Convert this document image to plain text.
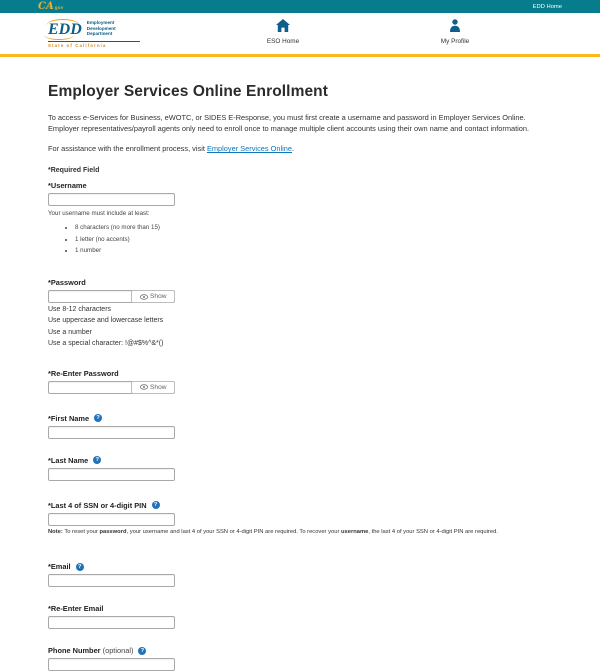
CA gov	EDD Home
EDD	Employment
Development
Department
State of California
ESO Home	My Profile
Employer Services Online Enrollment

To access e-Services for Business, eWOTC, or SIDES E-Response, you must first create a username and password in Employer Services Online. Employer representatives/payroll agents only need to enroll once to manage multiple client accounts using their own name and contact information.

For assistance with the enrollment process, visit Employer Services Online.

*Required Field
*Username
Your username must include at least:
• 8 characters (no more than 15)
• 1 letter (no accents)
• 1 number
*Password
Show

Use 8-12 characters

Use uppercase and lowercase letters

Use a number

Use a special character: !@#$%^&*()

*Re-Enter Password
Show
*First Name	?
*Last Name	?
*Last 4 of SSN or 4-digit PIN	?
Note: To reset your password, your username and last 4 of your SSN or 4-digit PIN are required. To recover your username, the last 4 of your SSN or 4-digit PIN are required.
*Email	?
*Re-Enter Email
Phone Number
(optional)	?
